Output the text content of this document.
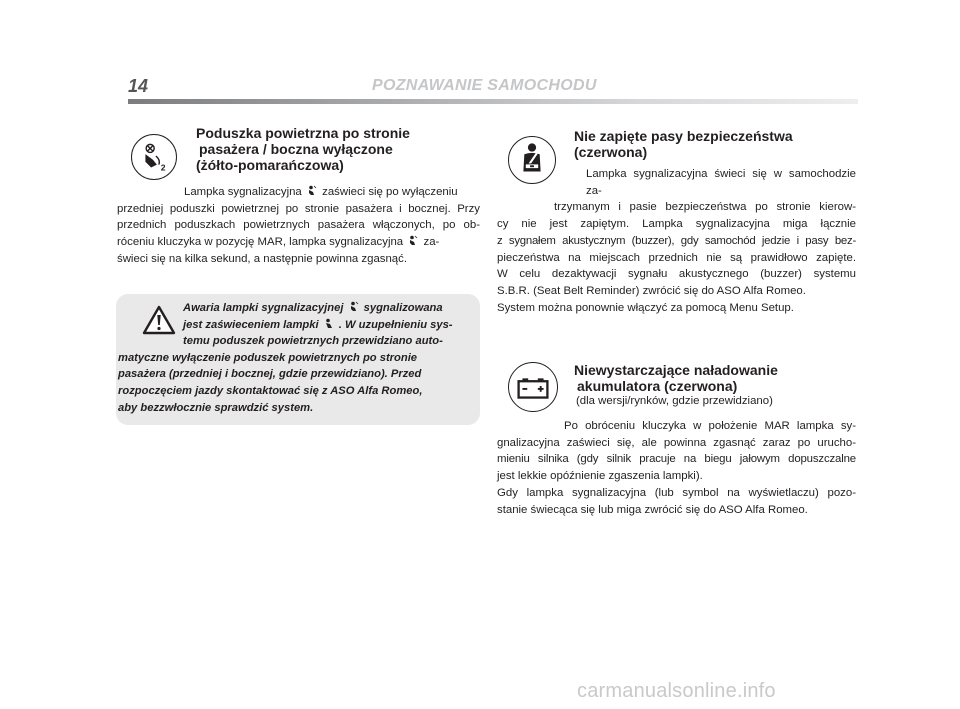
14	POZNAWANIE SAMOCHODU
2
Poduszka powietrzna po stronie
pasażera / boczna wyłączone
(żółto-pomarańczowa)
Lampka sygnalizacyjna zaświeci się po wyłączeniu
przedniej poduszki powietrznej po stronie pasażera i bocznej. Przy
przednich poduszkach powietrznych pasażera włączonych, po ob-
róceniu kluczyka w pozycję MAR, lampka sygnalizacyjna za-
świeci się na kilka sekund, a następnie powinna zgasnąć.
Awaria lampki sygnalizacyjnej sygnalizowana
jest zaświeceniem lampki . W uzupełnieniu sys-
temu poduszek powietrznych przewidziano auto-
matyczne wyłączenie poduszek powietrznych po stronie
pasażera (przedniej i bocznej, gdzie przewidziano). Przed
rozpoczęciem jazdy skontaktować się z ASO Alfa Romeo,
aby bezzwłocznie sprawdzić system.
Nie zapięte pasy bezpieczeństwa
(czerwona)
Lampka sygnalizacyjna świeci się w samochodzie za-
trzymanym i pasie bezpieczeństwa po stronie kierow-
cy nie jest zapiętym. Lampka sygnalizacyjna miga łącznie
z sygnałem akustycznym (buzzer), gdy samochód jedzie i pasy bez-
pieczeństwa na miejscach przednich nie są prawidłowo zapięte.
W celu dezaktywacji sygnału akustycznego (buzzer) systemu
S.B.R. (Seat Belt Reminder) zwrócić się do ASO Alfa Romeo.
System można ponownie włączyć za pomocą Menu Setup.
Niewystarczające naładowanie
akumulatora (czerwona)
(dla wersji/rynków, gdzie przewidziano)
Po obróceniu kluczyka w położenie MAR lampka sy-
gnalizacyjna zaświeci się, ale powinna zgasnąć zaraz po urucho-
mieniu silnika (gdy silnik pracuje na biegu jałowym dopuszczalne
jest lekkie opóźnienie zgaszenia lampki).
Gdy lampka sygnalizacyjna (lub symbol na wyświetlaczu) pozo-
stanie świecąca się lub miga zwrócić się do ASO Alfa Romeo.
carmanualsonline.info
